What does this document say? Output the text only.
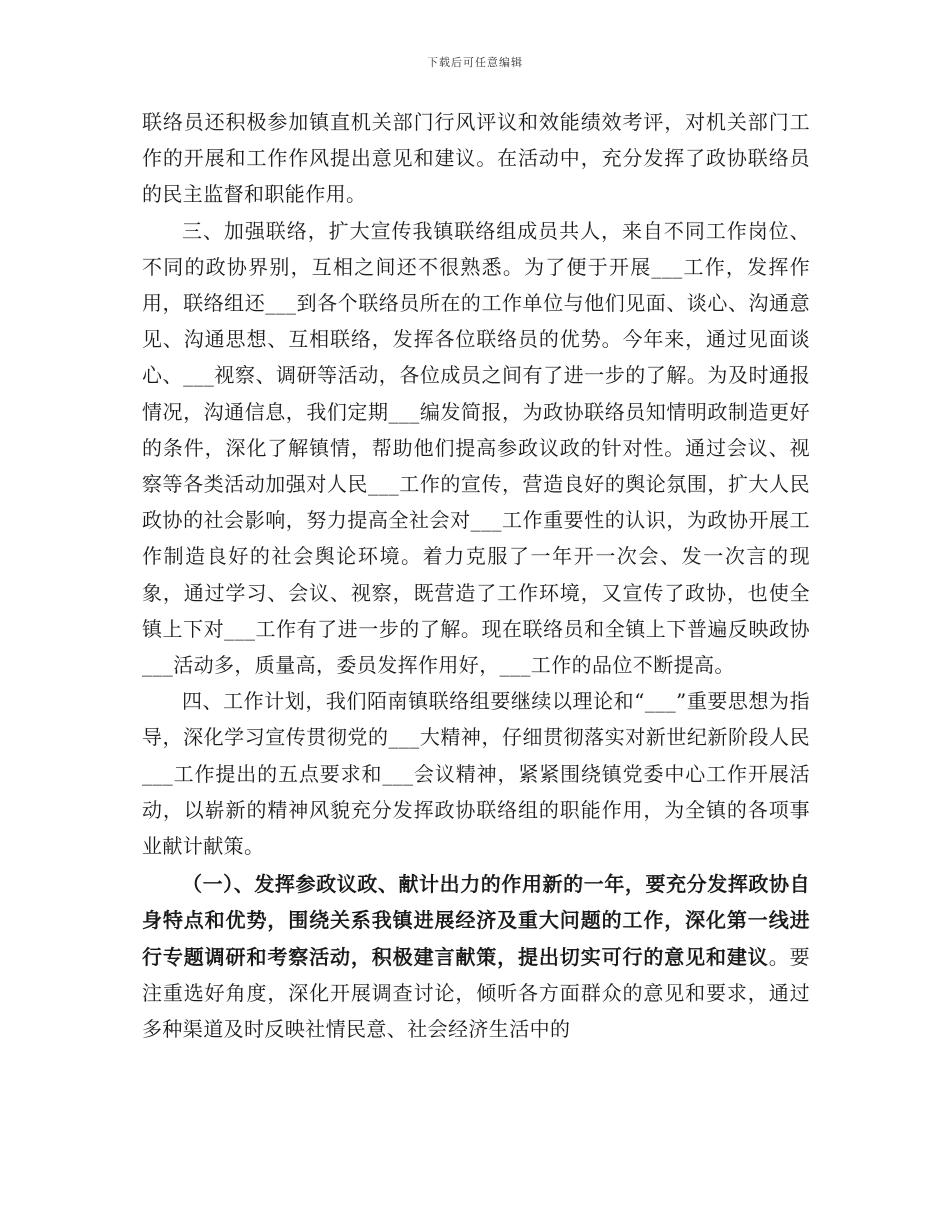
下载后可任意编辑

联络员还积极参加镇直机关部门行风评议和效能绩效考评，对机关部门工作的开展和工作作风提出意见和建议。在活动中，充分发挥了政协联络员的民主监督和职能作用。

三、加强联络，扩大宣传我镇联络组成员共人，来自不同工作岗位、不同的政协界别，互相之间还不很熟悉。为了便于开展___工作，发挥作用，联络组还___到各个联络员所在的工作单位与他们见面、谈心、沟通意见、沟通思想、互相联络，发挥各位联络员的优势。今年来，通过见面谈心、___视察、调研等活动，各位成员之间有了进一步的了解。为及时通报情况，沟通信息，我们定期___编发简报，为政协联络员知情明政制造更好的条件，深化了解镇情，帮助他们提高参政议政的针对性。通过会议、视察等各类活动加强对人民___工作的宣传，营造良好的舆论氛围，扩大人民政协的社会影响，努力提高全社会对___工作重要性的认识，为政协开展工作制造良好的社会舆论环境。着力克服了一年开一次会、发一次言的现象，通过学习、会议、视察，既营造了工作环境，又宣传了政协，也使全镇上下对___工作有了进一步的了解。现在联络员和全镇上下普遍反映政协___活动多，质量高，委员发挥作用好，___工作的品位不断提高。

四、工作计划，我们陌南镇联络组要继续以理论和“___”重要思想为指导，深化学习宣传贯彻党的___大精神，仔细贯彻落实对新世纪新阶段人民___工作提出的五点要求和___会议精神，紧紧围绕镇党委中心工作开展活动，以崭新的精神风貌充分发挥政协联络组的职能作用，为全镇的各项事业献计献策。

（一）、发挥参政议政、献计出力的作用新的一年，要充分发挥政协自身特点和优势，围绕关系我镇进展经济及重大问题的工作，深化第一线进行专题调研和考察活动，积极建言献策，提出切实可行的意见和建议。要注重选好角度，深化开展调查讨论，倾听各方面群众的意见和要求，通过多种渠道及时反映社情民意、社会经济生活中的
